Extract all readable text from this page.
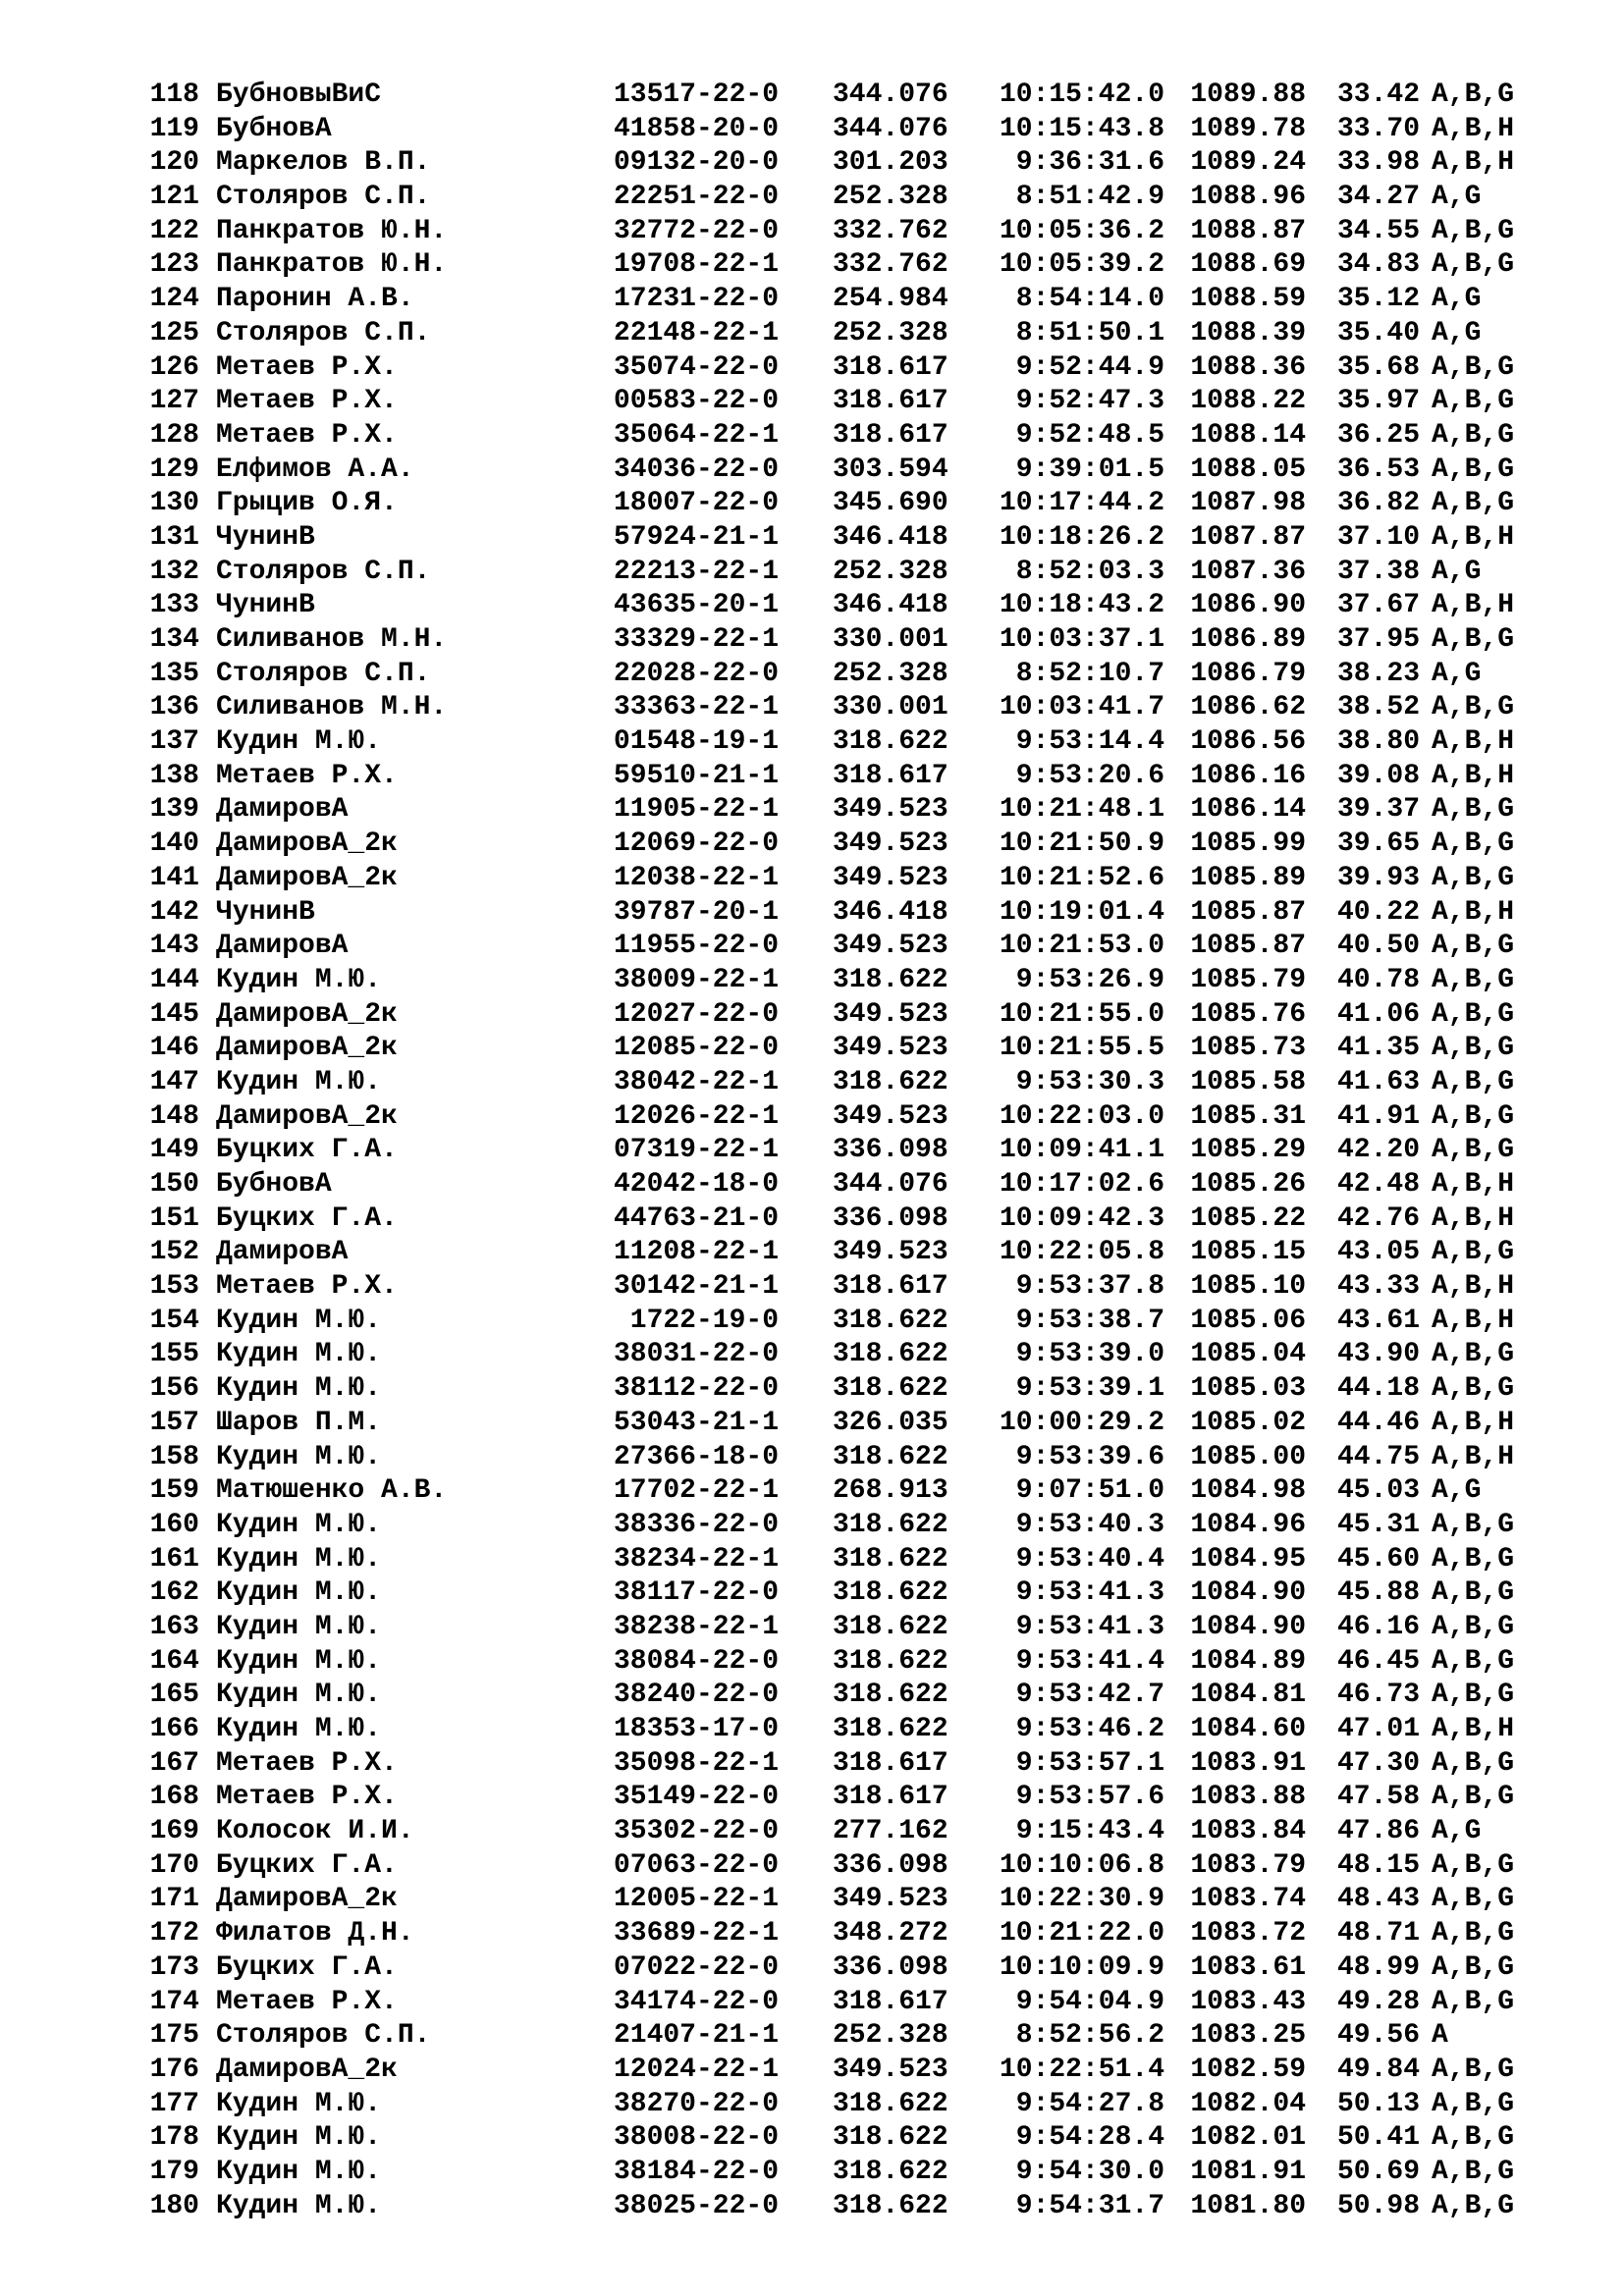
118 БубновыВиС	13517-22-0 344.076	10:15:42.0 1089.88 33.42 A,B,G
119 БубновА	41858-20-0 344.076	10:15:43.8 1089.78 33.70 A,B,H
120 Маркелов В.П.	09132-20-0 301.203	9:36:31.6 1089.24 33.98 A,B,H
121 Столяров С.П.	22251-22-0 252.328	8:51:42.9 1088.96 34.27 A,G
122 Панкратов Ю.Н.	32772-22-0 332.762	10:05:36.2 1088.87 34.55 A,B,G
123 Панкратов Ю.Н.	19708-22-1 332.762	10:05:39.2 1088.69 34.83 A,B,G
124 Паронин А.В.	17231-22-0 254.984	8:54:14.0 1088.59 35.12 A,G
125 Столяров С.П.	22148-22-1 252.328	8:51:50.1 1088.39 35.40 A,G
126 Метаев Р.Х.	35074-22-0 318.617	9:52:44.9 1088.36 35.68 A,B,G
127 Метаев Р.Х.	00583-22-0 318.617	9:52:47.3 1088.22 35.97 A,B,G
128 Метаев Р.Х.	35064-22-1 318.617	9:52:48.5 1088.14 36.25 A,B,G
129 Елфимов А.А.	34036-22-0 303.594	9:39:01.5 1088.05 36.53 A,B,G
130 Грыцив О.Я.	18007-22-0 345.690	10:17:44.2 1087.98 36.82 A,B,G
131 ЧунинВ	57924-21-1 346.418	10:18:26.2 1087.87 37.10 A,B,H
132 Столяров С.П.	22213-22-1 252.328	8:52:03.3 1087.36 37.38 A,G
133 ЧунинВ	43635-20-1 346.418	10:18:43.2 1086.90 37.67 A,B,H
134 Силиванов М.Н.	33329-22-1 330.001	10:03:37.1 1086.89 37.95 A,B,G
135 Столяров С.П.	22028-22-0 252.328	8:52:10.7 1086.79 38.23 A,G
136 Силиванов М.Н.	33363-22-1 330.001	10:03:41.7 1086.62 38.52 A,B,G
137 Кудин М.Ю.	01548-19-1 318.622	9:53:14.4 1086.56 38.80 A,B,H
138 Метаев Р.Х.	59510-21-1 318.617	9:53:20.6 1086.16 39.08 A,B,H
139 ДамировА	11905-22-1 349.523	10:21:48.1 1086.14 39.37 A,B,G
140 ДамировА_2к	12069-22-0 349.523	10:21:50.9 1085.99 39.65 A,B,G
141 ДамировА_2к	12038-22-1 349.523	10:21:52.6 1085.89 39.93 A,B,G
142 ЧунинВ	39787-20-1 346.418	10:19:01.4 1085.87 40.22 A,B,H
143 ДамировА	11955-22-0 349.523	10:21:53.0 1085.87 40.50 A,B,G
144 Кудин М.Ю.	38009-22-1 318.622	9:53:26.9 1085.79 40.78 A,B,G
145 ДамировА_2к	12027-22-0 349.523	10:21:55.0 1085.76 41.06 A,B,G
146 ДамировА_2к	12085-22-0 349.523	10:21:55.5 1085.73 41.35 A,B,G
147 Кудин М.Ю.	38042-22-1 318.622	9:53:30.3 1085.58 41.63 A,B,G
148 ДамировА_2к	12026-22-1 349.523	10:22:03.0 1085.31 41.91 A,B,G
149 Буцких Г.А.	07319-22-1 336.098	10:09:41.1 1085.29 42.20 A,B,G
150 БубновА	42042-18-0 344.076	10:17:02.6 1085.26 42.48 A,B,H
151 Буцких Г.А.	44763-21-0 336.098	10:09:42.3 1085.22 42.76 A,B,H
152 ДамировА	11208-22-1 349.523	10:22:05.8 1085.15 43.05 A,B,G
153 Метаев Р.Х.	30142-21-1 318.617	9:53:37.8 1085.10 43.33 A,B,H
154 Кудин М.Ю.	1722-19-0 318.622	9:53:38.7 1085.06 43.61 A,B,H
155 Кудин М.Ю.	38031-22-0 318.622	9:53:39.0 1085.04 43.90 A,B,G
156 Кудин М.Ю.	38112-22-0 318.622	9:53:39.1 1085.03 44.18 A,B,G
157 Шаров П.М.	53043-21-1 326.035	10:00:29.2 1085.02 44.46 A,B,H
158 Кудин М.Ю.	27366-18-0 318.622	9:53:39.6 1085.00 44.75 A,B,H
159 Матюшенко А.В.	17702-22-1 268.913	9:07:51.0 1084.98 45.03 A,G
160 Кудин М.Ю.	38336-22-0 318.622	9:53:40.3 1084.96 45.31 A,B,G
161 Кудин М.Ю.	38234-22-1 318.622	9:53:40.4 1084.95 45.60 A,B,G
162 Кудин М.Ю.	38117-22-0 318.622	9:53:41.3 1084.90 45.88 A,B,G
163 Кудин М.Ю.	38238-22-1 318.622	9:53:41.3 1084.90 46.16 A,B,G
164 Кудин М.Ю.	38084-22-0 318.622	9:53:41.4 1084.89 46.45 A,B,G
165 Кудин М.Ю.	38240-22-0 318.622	9:53:42.7 1084.81 46.73 A,B,G
166 Кудин М.Ю.	18353-17-0 318.622	9:53:46.2 1084.60 47.01 A,B,H
167 Метаев Р.Х.	35098-22-1 318.617	9:53:57.1 1083.91 47.30 A,B,G
168 Метаев Р.Х.	35149-22-0 318.617	9:53:57.6 1083.88 47.58 A,B,G
169 Колосок И.И.	35302-22-0 277.162	9:15:43.4 1083.84 47.86 A,G
170 Буцких Г.А.	07063-22-0 336.098	10:10:06.8 1083.79 48.15 A,B,G
171 ДамировА_2к	12005-22-1 349.523	10:22:30.9 1083.74 48.43 A,B,G
172 Филатов Д.Н.	33689-22-1 348.272	10:21:22.0 1083.72 48.71 A,B,G
173 Буцких Г.А.	07022-22-0 336.098	10:10:09.9 1083.61 48.99 A,B,G
174 Метаев Р.Х.	34174-22-0 318.617	9:54:04.9 1083.43 49.28 A,B,G
175 Столяров С.П.	21407-21-1 252.328	8:52:56.2 1083.25 49.56 A
176 ДамировА_2к	12024-22-1 349.523	10:22:51.4 1082.59 49.84 A,B,G
177 Кудин М.Ю.	38270-22-0 318.622	9:54:27.8 1082.04 50.13 A,B,G
178 Кудин М.Ю.	38008-22-0 318.622	9:54:28.4 1082.01 50.41 A,B,G
179 Кудин М.Ю.	38184-22-0 318.622	9:54:30.0 1081.91 50.69 A,B,G
180 Кудин М.Ю.	38025-22-0 318.622	9:54:31.7 1081.80 50.98 A,B,G
